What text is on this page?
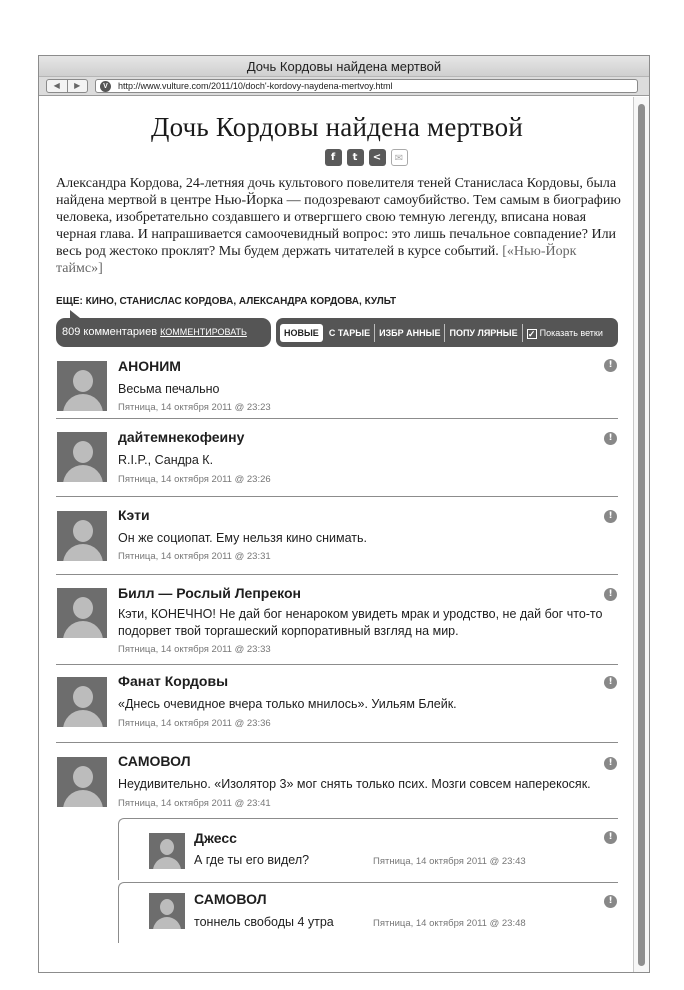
Дочь Кордовы найдена мертвой
◀	▶	V	http://www.vulture.com/2011/10/doch'-kordovy-naydena-mertvoy.html
Дочь Кордовы найдена мертвой
f	t	<	✉

Александра Кордова, 24-летняя дочь культового повелителя теней Станисласа Кордовы, была найдена мертвой в центре Нью-Йорка — подозревают самоубийство. Тем самым в биографию человека, изобретательно создавшего и отвергшего свою темную легенду, вписана новая черная глава. И напрашивается самоочевидный вопрос: это лишь печальное совпадение? Или весь род жестоко проклят? Мы будем держать читателей в курсе событий. [«Нью-Йорк таймс»]

ЕЩЕ: КИНО, СТАНИСЛАС КОРДОВА, АЛЕКСАНДРА КОРДОВА, КУЛЬТ
809 комментариев КОММЕНТИРОВАТЬ	НОВЫЕ	С ТАРЫЕ	ИЗБР АННЫЕ	ПОПУ ЛЯРНЫЕ	✓ Показать ветки
АНОНИМ
Весьма печально
Пятница, 14 октября 2011 @ 23:23
!
дайтемнекофеину
R.I.P., Сандра К.
Пятница, 14 октября 2011 @ 23:26
!
Кэти
Он же социопат. Ему нельзя кино снимать.
Пятница, 14 октября 2011 @ 23:31
!
Билл — Рослый Лепрекон
Кэти, КОНЕЧНО! Не дай бог ненароком увидеть мрак и уродство, не дай бог что-то подорвет твой торгашеский корпоративный взгляд на мир.
Пятница, 14 октября 2011 @ 23:33
!
Фанат Кордовы
«Днесь очевидное вчера только мнилось». Уильям Блейк.
Пятница, 14 октября 2011 @ 23:36
!
САМОВОЛ
Неудивительно. «Изолятор 3» мог снять только псих. Мозги совсем наперекосяк.
Пятница, 14 октября 2011 @ 23:41
!
Джесс
А где ты его видел?	Пятница, 14 октября 2011 @ 23:43
!
САМОВОЛ
тоннель свободы 4 утра	Пятница, 14 октября 2011 @ 23:48
!
